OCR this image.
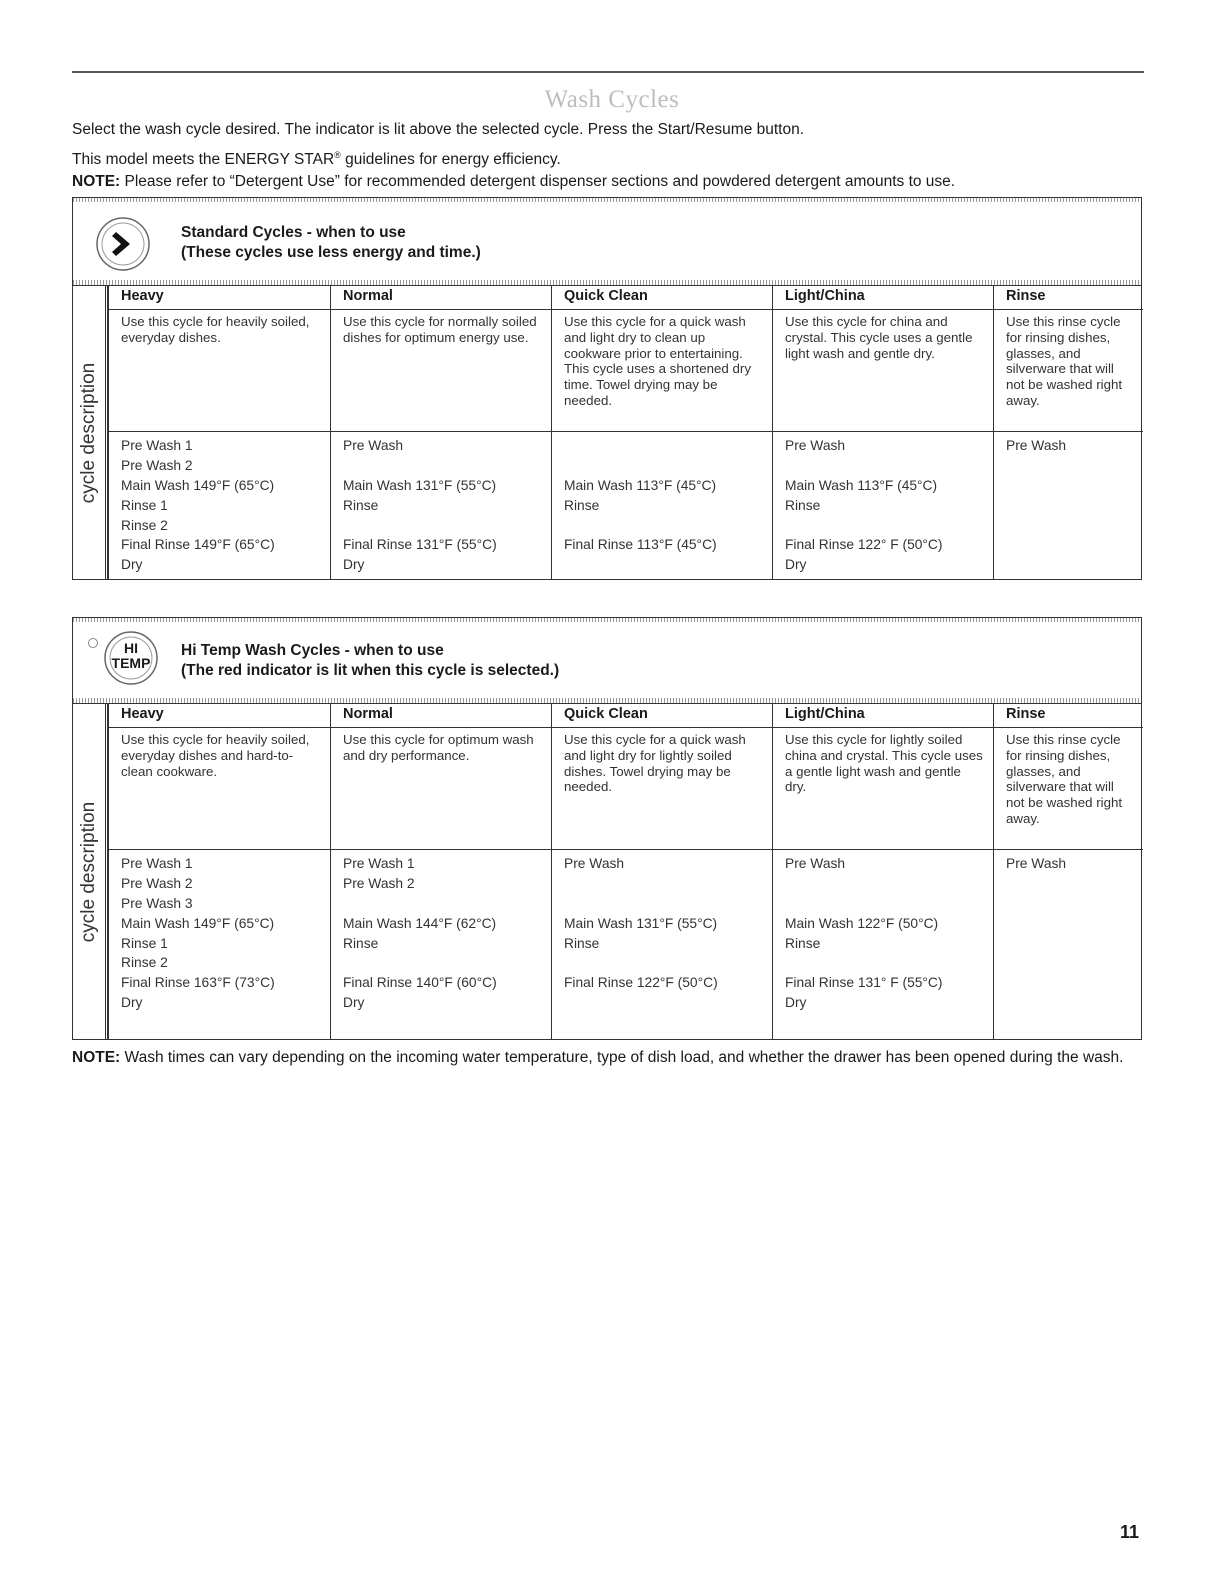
Wash Cycles
Select the wash cycle desired. The indicator is lit above the selected cycle. Press the Start/Resume button.
This model meets the ENERGY STAR® guidelines for energy efficiency.
NOTE: Please refer to “Detergent Use” for recommended detergent dispenser sections and powdered detergent amounts to use.
Standard Cycles - when to use
(These cycles use less energy and time.)
cycle description
Heavy
Use this cycle for heavily soiled, everyday dishes.
Pre Wash 1
Pre Wash 2
Main Wash 149°F (65°C)
Rinse 1
Rinse 2
Final Rinse 149°F (65°C)
Dry
Normal
Use this cycle for normally soiled dishes for optimum energy use.
Pre Wash
Main Wash 131°F (55°C)
Rinse
Final Rinse 131°F (55°C)
Dry
Quick Clean
Use this cycle for a quick wash and light dry to clean up cookware prior to entertaining. This cycle uses a shortened dry time. Towel drying may be needed.
Main Wash 113°F (45°C)
Rinse
Final Rinse 113°F (45°C)
Light/China
Use this cycle for china and crystal. This cycle uses a gentle light wash and gentle dry.
Pre Wash
Main Wash 113°F (45°C)
Rinse
Final Rinse 122° F (50°C)
Dry
Rinse
Use this rinse cycle for rinsing dishes, glasses, and silverware that will not be washed right away.
Pre Wash
HI
TEMP
Hi Temp Wash Cycles - when to use
(The red indicator is lit when this cycle is selected.)
cycle description
Heavy
Use this cycle for heavily soiled, everyday dishes and hard-to-clean cookware.
Pre Wash 1
Pre Wash 2
Pre Wash 3
Main Wash 149°F (65°C)
Rinse 1
Rinse 2
Final Rinse 163°F (73°C)
Dry
Normal
Use this cycle for optimum wash and dry performance.
Pre Wash 1
Pre Wash 2
Main Wash 144°F (62°C)
Rinse
Final Rinse 140°F (60°C)
Dry
Quick Clean
Use this cycle for a quick wash and light dry for lightly soiled dishes. Towel drying may be needed.
Pre Wash
Main Wash 131°F (55°C)
Rinse
Final Rinse 122°F (50°C)
Light/China
Use this cycle for lightly soiled china and crystal. This cycle uses a gentle light wash and gentle dry.
Pre Wash
Main Wash 122°F (50°C)
Rinse
Final Rinse 131° F (55°C)
Dry
Rinse
Use this rinse cycle for rinsing dishes, glasses, and silverware that will not be washed right away.
Pre Wash
NOTE: Wash times can vary depending on the incoming water temperature, type of dish load, and whether the drawer has been opened during the wash.
11
